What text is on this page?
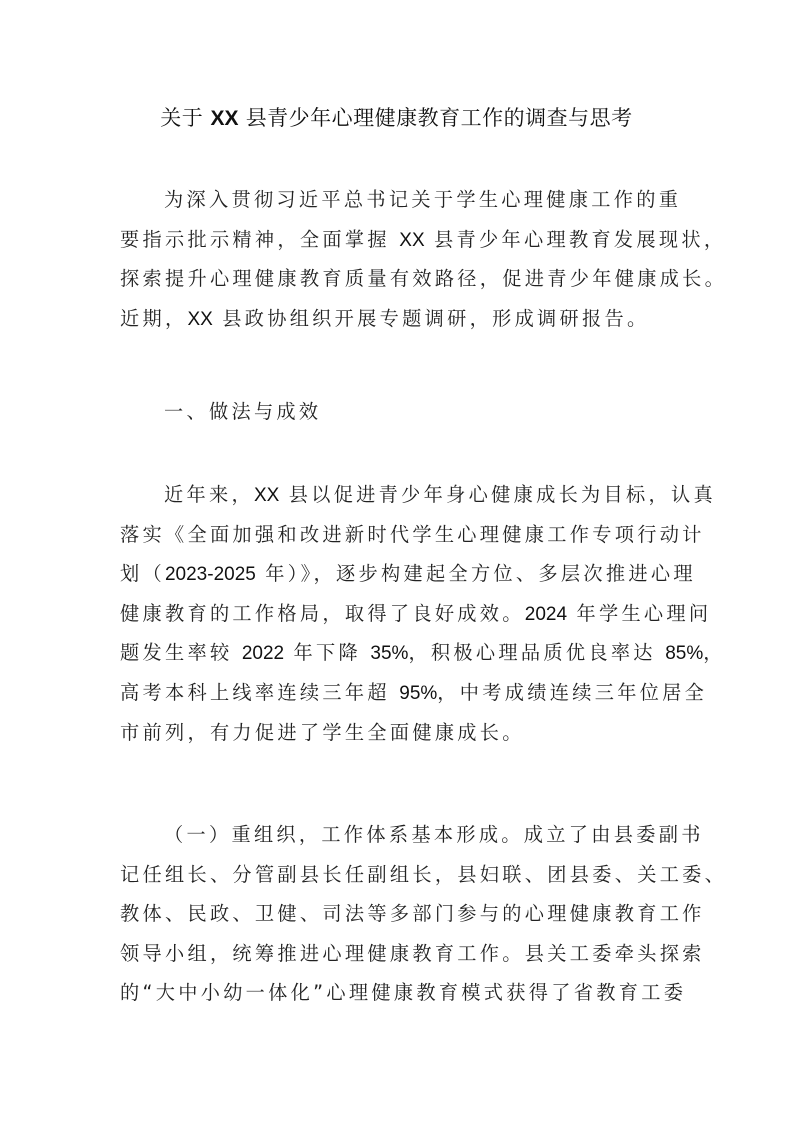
关于 XX 县青少年心理健康教育工作的调查与思考
为深入贯彻习近平总书记关于学生心理健康工作的重
要指示批示精神，全面掌握 XX 县青少年心理教育发展现状，
探索提升心理健康教育质量有效路径，促进青少年健康成长。
近期，XX 县政协组织开展专题调研，形成调研报告。
一、做法与成效
近年来，XX 县以促进青少年身心健康成长为目标，认真
落实《全面加强和改进新时代学生心理健康工作专项行动计
划（2023-2025 年）》，逐步构建起全方位、多层次推进心理
健康教育的工作格局，取得了良好成效。2024 年学生心理问
题发生率较 2022 年下降 35%，积极心理品质优良率达 85%，
高考本科上线率连续三年超 95%，中考成绩连续三年位居全
市前列，有力促进了学生全面健康成长。
（一）重组织，工作体系基本形成。成立了由县委副书
记任组长、分管副县长任副组长，县妇联、团县委、关工委、
教体、民政、卫健、司法等多部门参与的心理健康教育工作
领导小组，统筹推进心理健康教育工作。县关工委牵头探索
的“大中小幼一体化”心理健康教育模式获得了省教育工委
